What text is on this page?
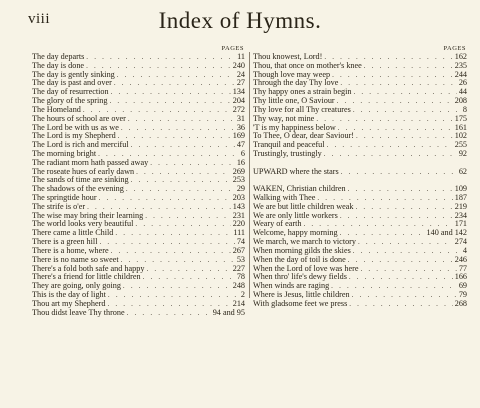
viii	Index of Hymns.
PAGES
The day departs . . .	11
The day is done . . .	240
The day is gently sinking . . .	24
The day is past and over . . .	27
The day of resurrection . . .	134
The glory of the spring . . .	204
The Homeland . . .	272
The hours of school are over . . .	31
The Lord be with us as we . . .	36
The Lord is my Shepherd . . .	169
The Lord is rich and merciful . . .	47
The morning bright . . .	6
The radiant morn hath passed away . . .	16
The roseate hues of early dawn . . .	269
The sands of time are sinking . . .	253
The shadows of the evening . . .	29
The springtide hour . . .	203
The strife is o'er . . .	143
The wise may bring their learning . . .	231
The world looks very beautiful . . .	220
There came a little Child . . .	111
There is a green hill . . .	74
There is a home, where . . .	267
There is no name so sweet . . .	53
There's a fold both safe and happy . . .	227
There's a friend for little children . . .	78
They are going, only going . . .	248
This is the day of light . . .	2
Thou art my Shepherd . . .	214
Thou didst leave Thy throne . . .	94 and 95
PAGES
Thou knowest, Lord! . . .	162
Thou, that once on mother's knee . . .	235
Though love may weep . . .	244
Through the day Thy love . . .	26
Thy happy ones a strain begin . . .	44
Thy little one, O Saviour . . .	208
Thy love for all Thy creatures . . .	8
Thy way, not mine . . .	175
'T is my happiness below . . .	161
To Thee, O dear, dear Saviour! . . .	102
Tranquil and peaceful . . .	255
Trustingly, trustingly . . .	92
UPWARD where the stars . . .	62
WAKEN, Christian children . . .	109
Walking with Thee . . .	187
We are but little children weak . . .	219
We are only little workers . . .	234
Weary of earth . . .	171
Welcome, happy morning . . .	140 and 142
We march, we march to victory . . .	274
When morning gilds the skies . . .	4
When the day of toil is done . . .	246
When the Lord of love was here . . .	77
When thro' life's dewy fields . . .	166
When winds are raging . . .	69
Where is Jesus, little children . . .	79
With gladsome feet we press . . .	268
